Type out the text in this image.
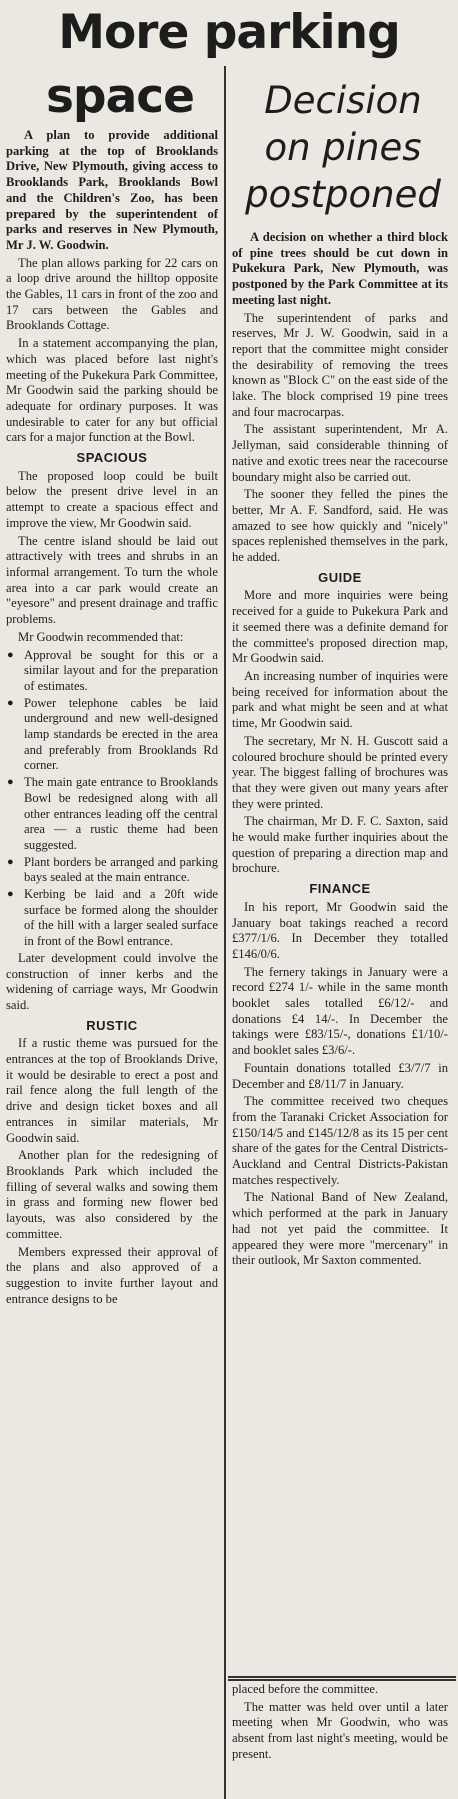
More parking
space	Decision
on pines
postponed

A plan to provide additional parking at the top of Brooklands Drive, New Plymouth, giving access to Brooklands Park, Brooklands Bowl and the Children's Zoo, has been prepared by the superintendent of parks and reserves in New Plymouth, Mr J. W. Goodwin.

The plan allows parking for 22 cars on a loop drive around the hilltop opposite the Gables, 11 cars in front of the zoo and 17 cars between the Gables and Brooklands Cottage.

In a statement accompanying the plan, which was placed before last night's meeting of the Pukekura Park Committee, Mr Goodwin said the parking should be adequate for ordinary purposes. It was undesirable to cater for any but official cars for a major function at the Bowl.

SPACIOUS

The proposed loop could be built below the present drive level in an attempt to create a spacious effect and improve the view, Mr Goodwin said.

The centre island should be laid out attractively with trees and shrubs in an informal arrangement. To turn the whole area into a car park would create an "eyesore" and present drainage and traffic problems.

Mr Goodwin recommended that:

● Approval be sought for this or a similar layout and for the preparation of estimates.
● Power telephone cables be laid underground and new well-designed lamp standards be erected in the area and preferably from Brooklands Rd corner.
● The main gate entrance to Brooklands Bowl be redesigned along with all other entrances leading off the central area — a rustic theme had been suggested.
● Plant borders be arranged and parking bays sealed at the main entrance.
● Kerbing be laid and a 20ft wide surface be formed along the shoulder of the hill with a larger sealed surface in front of the Bowl entrance.

Later development could involve the construction of inner kerbs and the widening of carriage ways, Mr Goodwin said.

RUSTIC

If a rustic theme was pursued for the entrances at the top of Brooklands Drive, it would be desirable to erect a post and rail fence along the full length of the drive and design ticket boxes and all entrances in similar materials, Mr Goodwin said.

Another plan for the redesigning of Brooklands Park which included the filling of several walks and sowing them in grass and forming new flower bed layouts, was also considered by the committee.

Members expressed their approval of the plans and also approved of a suggestion to invite further layout and entrance designs to be

A decision on whether a third block of pine trees should be cut down in Pukekura Park, New Plymouth, was postponed by the Park Committee at its meeting last night.

The superintendent of parks and reserves, Mr J. W. Goodwin, said in a report that the committee might consider the desirability of removing the trees known as "Block C" on the east side of the lake. The block comprised 19 pine trees and four macrocarpas.

The assistant superintendent, Mr A. Jellyman, said considerable thinning of native and exotic trees near the racecourse boundary might also be carried out.

The sooner they felled the pines the better, Mr A. F. Sandford, said. He was amazed to see how quickly and "nicely" spaces replenished themselves in the park, he added.

GUIDE

More and more inquiries were being received for a guide to Pukekura Park and it seemed there was a definite demand for the committee's proposed direction map, Mr Goodwin said.

An increasing number of inquiries were being received for information about the park and what might be seen and at what time, Mr Goodwin said.

The secretary, Mr N. H. Guscott said a coloured brochure should be printed every year. The biggest falling of brochures was that they were given out many years after they were printed.

The chairman, Mr D. F. C. Saxton, said he would make further inquiries about the question of preparing a direction map and brochure.

FINANCE

In his report, Mr Goodwin said the January boat takings reached a record £377/1/6. In December they totalled £146/0/6.

The fernery takings in January were a record £274 1/- while in the same month booklet sales totalled £6/12/- and donations £4 14/-. In December the takings were £83/15/-, donations £1/10/- and booklet sales £3/6/-.

Fountain donations totalled £3/7/7 in December and £8/11/7 in January.

The committee received two cheques from the Taranaki Cricket Association for £150/14/5 and £145/12/8 as its 15 per cent share of the gates for the Central Districts-Auckland and Central Districts-Pakistan matches respectively.

The National Band of New Zealand, which performed at the park in January had not yet paid the committee. It appeared they were more "mercenary" in their outlook, Mr Saxton commented.

placed before the committee.

The matter was held over until a later meeting when Mr Goodwin, who was absent from last night's meeting, would be present.
